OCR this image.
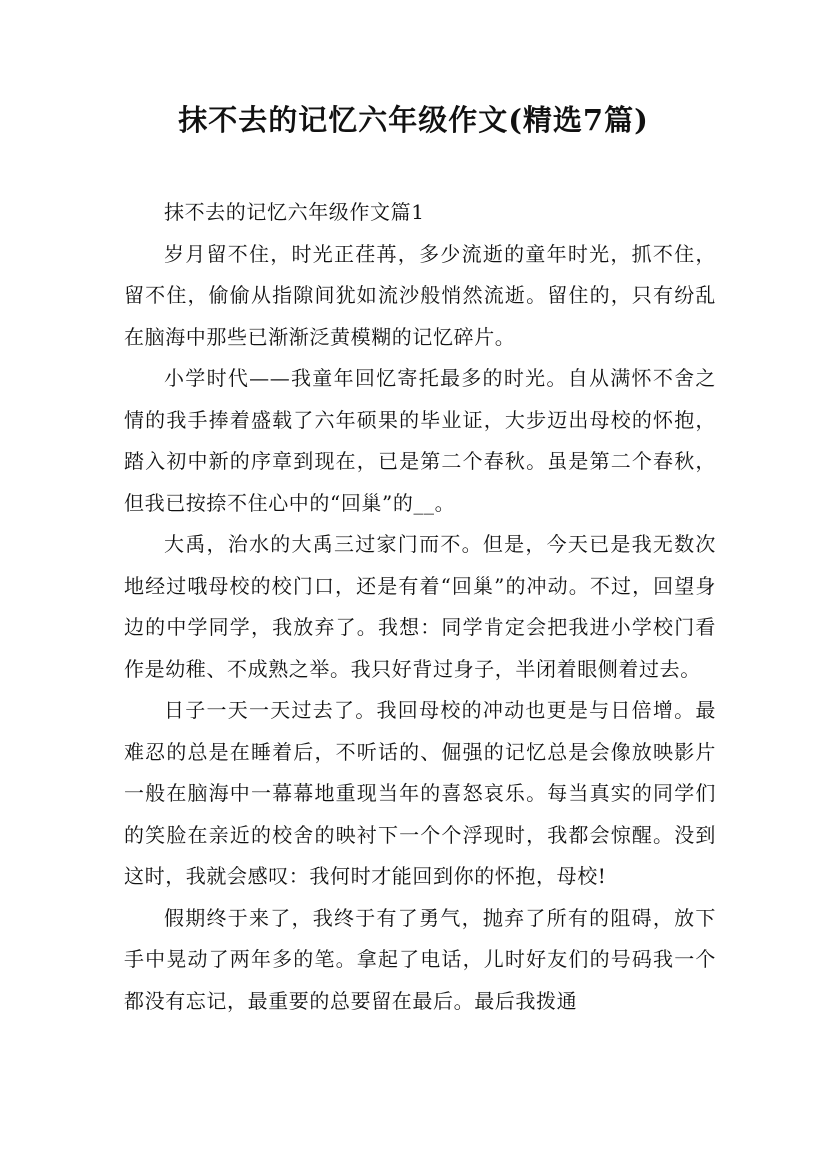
抹不去的记忆六年级作文(精选7篇)

抹不去的记忆六年级作文篇1

岁月留不住，时光正荏苒，多少流逝的童年时光，抓不住，留不住，偷偷从指隙间犹如流沙般悄然流逝。留住的，只有纷乱在脑海中那些已渐渐泛黄模糊的记忆碎片。

小学时代——我童年回忆寄托最多的时光。自从满怀不舍之情的我手捧着盛载了六年硕果的毕业证，大步迈出母校的怀抱，踏入初中新的序章到现在，已是第二个春秋。虽是第二个春秋，但我已按捺不住心中的“回巢”的__。

大禹，治水的大禹三过家门而不。但是，今天已是我无数次地经过哦母校的校门口，还是有着“回巢”的冲动。不过，回望身边的中学同学，我放弃了。我想：同学肯定会把我进小学校门看作是幼稚、不成熟之举。我只好背过身子，半闭着眼侧着过去。

日子一天一天过去了。我回母校的冲动也更是与日倍增。最难忍的总是在睡着后，不听话的、倔强的记忆总是会像放映影片一般在脑海中一幕幕地重现当年的喜怒哀乐。每当真实的同学们的笑脸在亲近的校舍的映衬下一个个浮现时，我都会惊醒。没到这时，我就会感叹：我何时才能回到你的怀抱，母校!

假期终于来了，我终于有了勇气，抛弃了所有的阻碍，放下手中晃动了两年多的笔。拿起了电话，儿时好友们的号码我一个都没有忘记，最重要的总要留在最后。最后我拨通
